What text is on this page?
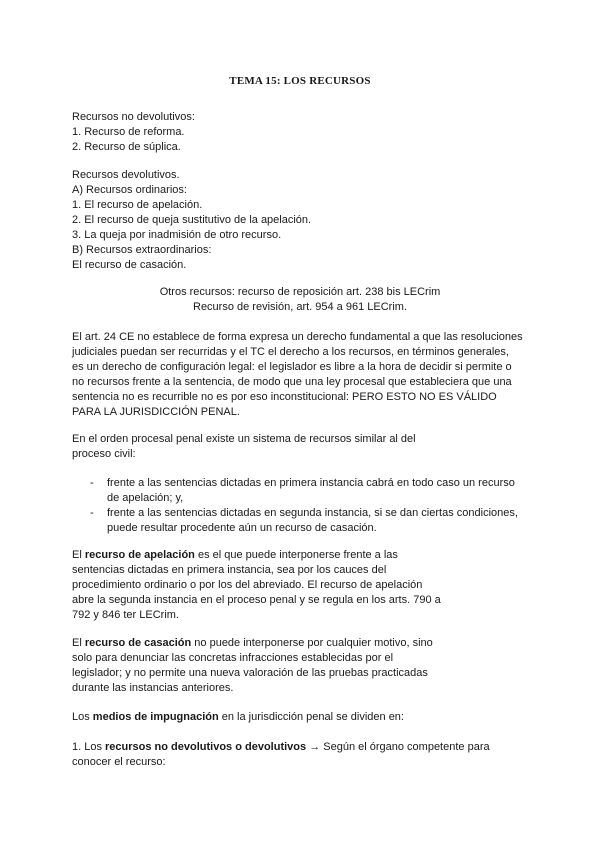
TEMA 15: LOS RECURSOS
Recursos no devolutivos:
1. Recurso de reforma.
2. Recurso de súplica.
Recursos devolutivos.
A) Recursos ordinarios:
1. El recurso de apelación.
2. El recurso de queja sustitutivo de la apelación.
3. La queja por inadmisión de otro recurso.
B) Recursos extraordinarios:
El recurso de casación.
Otros recursos: recurso de reposición art. 238 bis LECrim
Recurso de revisión, art. 954 a 961 LECrim.
El art. 24 CE no establece de forma expresa un derecho fundamental a que las resoluciones
judiciales puedan ser recurridas y el TC el derecho a los recursos, en términos generales,
es un derecho de configuración legal: el legislador es libre a la hora de decidir si permite o
no recursos frente a la sentencia, de modo que una ley procesal que estableciera que una
sentencia no es recurrible no es por eso inconstitucional: PERO ESTO NO ES VÁLIDO
PARA LA JURISDICCIÓN PENAL.
En el orden procesal penal existe un sistema de recursos similar al del
proceso civil:
- frente a las sentencias dictadas en primera instancia cabrá en todo caso un recurso
de apelación; y,
- frente a las sentencias dictadas en segunda instancia, si se dan ciertas condiciones,
puede resultar procedente aún un recurso de casación.
El recurso de apelación es el que puede interponerse frente a las
sentencias dictadas en primera instancia, sea por los cauces del
procedimiento ordinario o por los del abreviado. El recurso de apelación
abre la segunda instancia en el proceso penal y se regula en los arts. 790 a
792 y 846 ter LECrim.
El recurso de casación no puede interponerse por cualquier motivo, sino
solo para denunciar las concretas infracciones establecidas por el
legislador; y no permite una nueva valoración de las pruebas practicadas
durante las instancias anteriores.
Los medios de impugnación en la jurisdicción penal se dividen en:
1. Los recursos no devolutivos o devolutivos → Según el órgano competente para
conocer el recurso:
